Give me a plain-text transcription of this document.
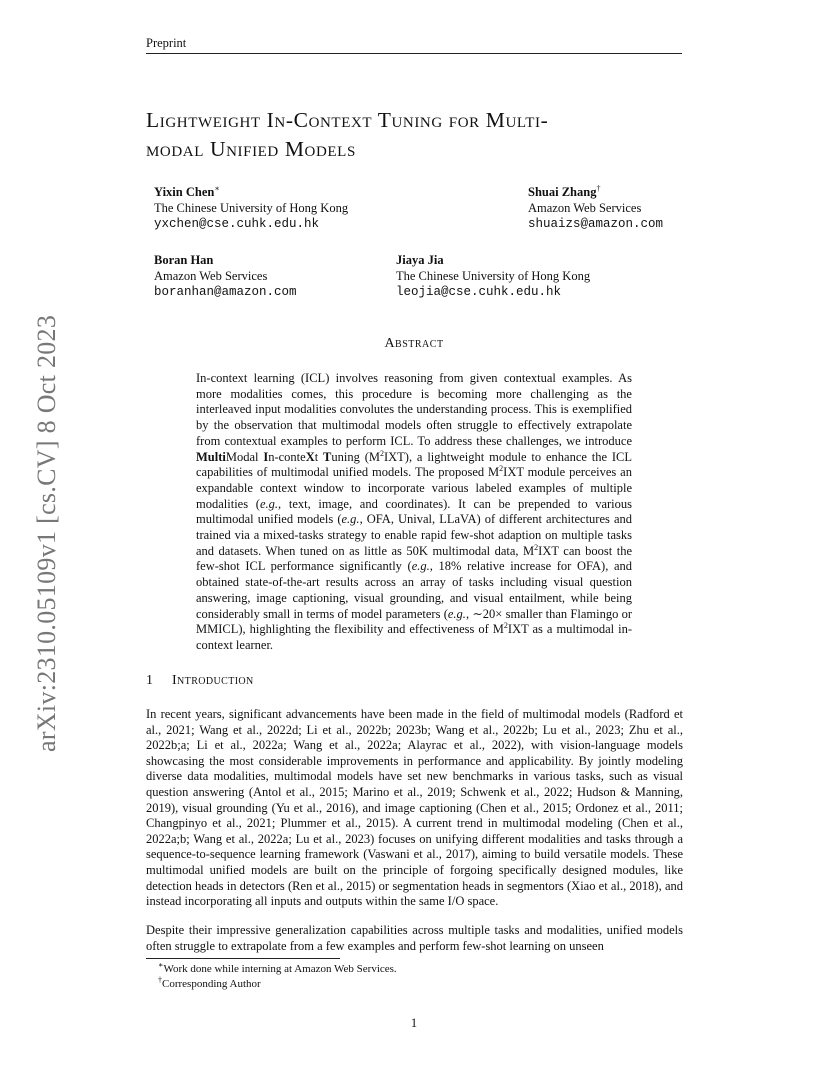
Preprint
Lightweight In-Context Tuning for Multi-
modal Unified Models
Yixin Chen∗
The Chinese University of Hong Kong
yxchen@cse.cuhk.edu.hk
Shuai Zhang†
Amazon Web Services
shuaizs@amazon.com
Boran Han
Amazon Web Services
boranhan@amazon.com
Jiaya Jia
The Chinese University of Hong Kong
leojia@cse.cuhk.edu.hk
Abstract
In-context learning (ICL) involves reasoning from given contextual examples. As more modalities comes, this procedure is becoming more challenging as the interleaved input modalities convolutes the understanding process. This is exemplified by the observation that multimodal models often struggle to effectively extrapolate from contextual examples to perform ICL. To address these challenges, we introduce MultiModal In-conteXt Tuning $(M^2IXT)$, a lightweight module to enhance the ICL capabilities of multimodal unified models. The proposed $M^2IXT$ module perceives an expandable context window to incorporate various labeled examples of multiple modalities (e.g., text, image, and coordinates). It can be prepended to various multimodal unified models (e.g., OFA, Unival, LLaVA) of different architectures and trained via a mixed-tasks strategy to enable rapid few-shot adaption on multiple tasks and datasets. When tuned on as little as 50K multimodal data, $M^2IXT$ can boost the few-shot ICL performance significantly (e.g., 18% relative increase for OFA), and obtained state-of-the-art results across an array of tasks including visual question answering, image captioning, visual grounding, and visual entailment, while being considerably small in terms of model parameters (e.g., ∼20× smaller than Flamingo or MMICL), highlighting the flexibility and effectiveness of $M^2IXT$ as a multimodal in-context learner.
1 Introduction
In recent years, significant advancements have been made in the field of multimodal models (Radford et al., 2021; Wang et al., 2022d; Li et al., 2022b; 2023b; Wang et al., 2022b; Lu et al., 2023; Zhu et al., 2022b;a; Li et al., 2022a; Wang et al., 2022a; Alayrac et al., 2022), with vision-language models showcasing the most considerable improvements in performance and applicability. By jointly modeling diverse data modalities, multimodal models have set new benchmarks in various tasks, such as visual question answering (Antol et al., 2015; Marino et al., 2019; Schwenk et al., 2022; Hudson & Manning, 2019), visual grounding (Yu et al., 2016), and image captioning (Chen et al., 2015; Ordonez et al., 2011; Changpinyo et al., 2021; Plummer et al., 2015). A current trend in multimodal modeling (Chen et al., 2022a;b; Wang et al., 2022a; Lu et al., 2023) focuses on unifying different modalities and tasks through a sequence-to-sequence learning framework (Vaswani et al., 2017), aiming to build versatile models. These multimodal unified models are built on the principle of forgoing specifically designed modules, like detection heads in detectors (Ren et al., 2015) or segmentation heads in segmentors (Xiao et al., 2018), and instead incorporating all inputs and outputs within the same I/O space.
Despite their impressive generalization capabilities across multiple tasks and modalities, unified models often struggle to extrapolate from a few examples and perform few-shot learning on unseen
∗Work done while interning at Amazon Web Services.
†Corresponding Author
1
arXiv:2310.05109v1 [cs.CV] 8 Oct 2023
